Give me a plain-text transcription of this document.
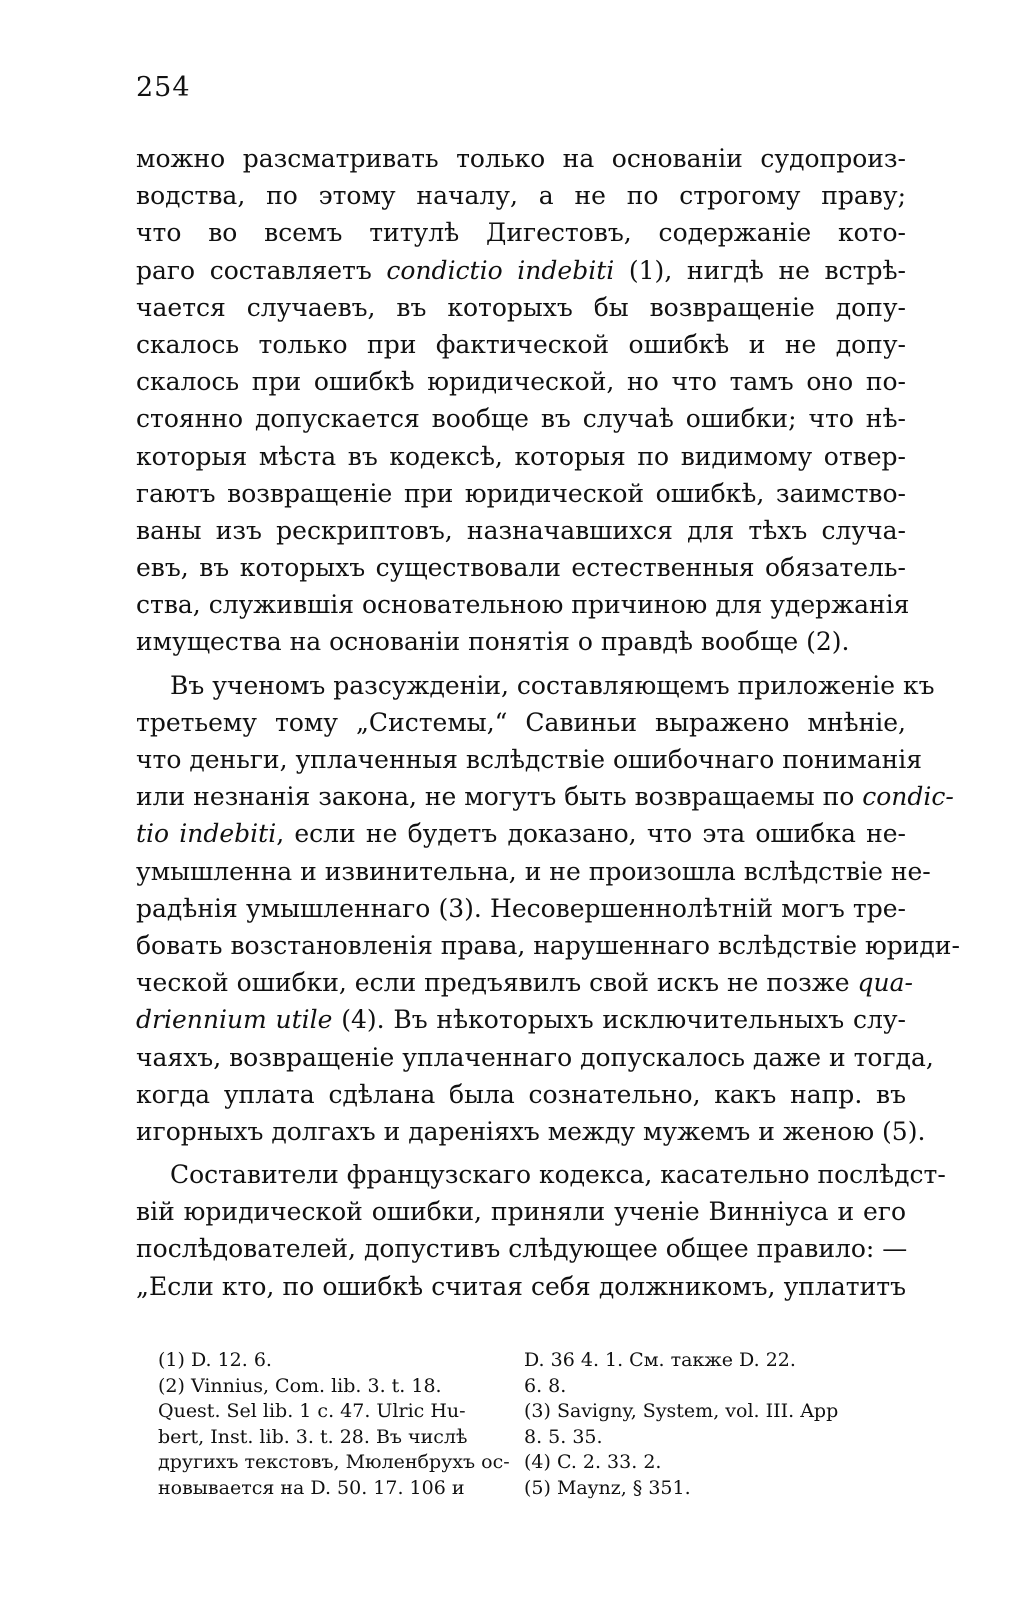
254
можно разсматривать только на основанiи судопроиз-
водства, по этому началу, а не по строгому праву;
что во всемъ титулѣ Дигестовъ, содержанiе кото-
раго составляетъ condictio indebiti (1), нигдѣ не встрѣ-
чается случаевъ, въ которыхъ бы возвращенiе допу-
скалось только при фактической ошибкѣ и не допу-
скалось при ошибкѣ юридической, но что тамъ оно по-
стоянно допускается вообще въ случаѣ ошибки; что нѣ-
которыя мѣста въ кодексѣ, которыя по видимому отвер-
гаютъ возвращенiе при юридической ошибкѣ, заимство-
ваны изъ рескриптовъ, назначавшихся для тѣхъ случа-
евъ, въ которыхъ существовали естественныя обязатель-
ства, служившiя основательною причиною для удержанiя
имущества на основанiи понятiя о правдѣ вообще (2).
Въ ученомъ разсужденiи, составляющемъ приложенiе къ
третьему тому „Системы,“ Савиньи выражено мнѣнiе,
что деньги, уплаченныя вслѣдствiе ошибочнаго пониманiя
или незнанiя закона, не могутъ быть возвращаемы по condic-
tio indebiti, если не будетъ доказано, что эта ошибка не-
умышленна и извинительна, и не произошла вслѣдствiе не-
радѣнiя умышленнаго (3). Несовершеннолѣтнiй могъ тре-
бовать возстановленiя права, нарушеннаго вслѣдствiе юриди-
ческой ошибки, если предъявилъ свой искъ не позже qua-
driennium utile (4). Въ нѣкоторыхъ исключительныхъ слу-
чаяхъ, возвращенiе уплаченнаго допускалось даже и тогда,
когда уплата сдѣлана была сознательно, какъ напр. въ
игорныхъ долгахъ и даренiяхъ между мужемъ и женою (5).
Составители французскаго кодекса, касательно послѣдст-
вiй юридической ошибки, приняли ученiе Виннiуса и его
послѣдователей, допустивъ слѣдующее общее правило: —
„Если кто, по ошибкѣ считая себя должникомъ, уплатитъ
(1) D. 12. 6.
(2) Vinnius, Com. lib. 3. t. 18.
Quest. Sel lib. 1 c. 47. Ulric Hu-
bert, Inst. lib. 3. t. 28. Въ числѣ
другихъ текстовъ, Мюленбрухъ ос-
новывается на D. 50. 17. 106 и
D. 36 4. 1. См. также D. 22.
6. 8.
(3) Savigny, System, vol. III. App
8. 5. 35.
(4) C. 2. 33. 2.
(5) Maynz, § 351.
